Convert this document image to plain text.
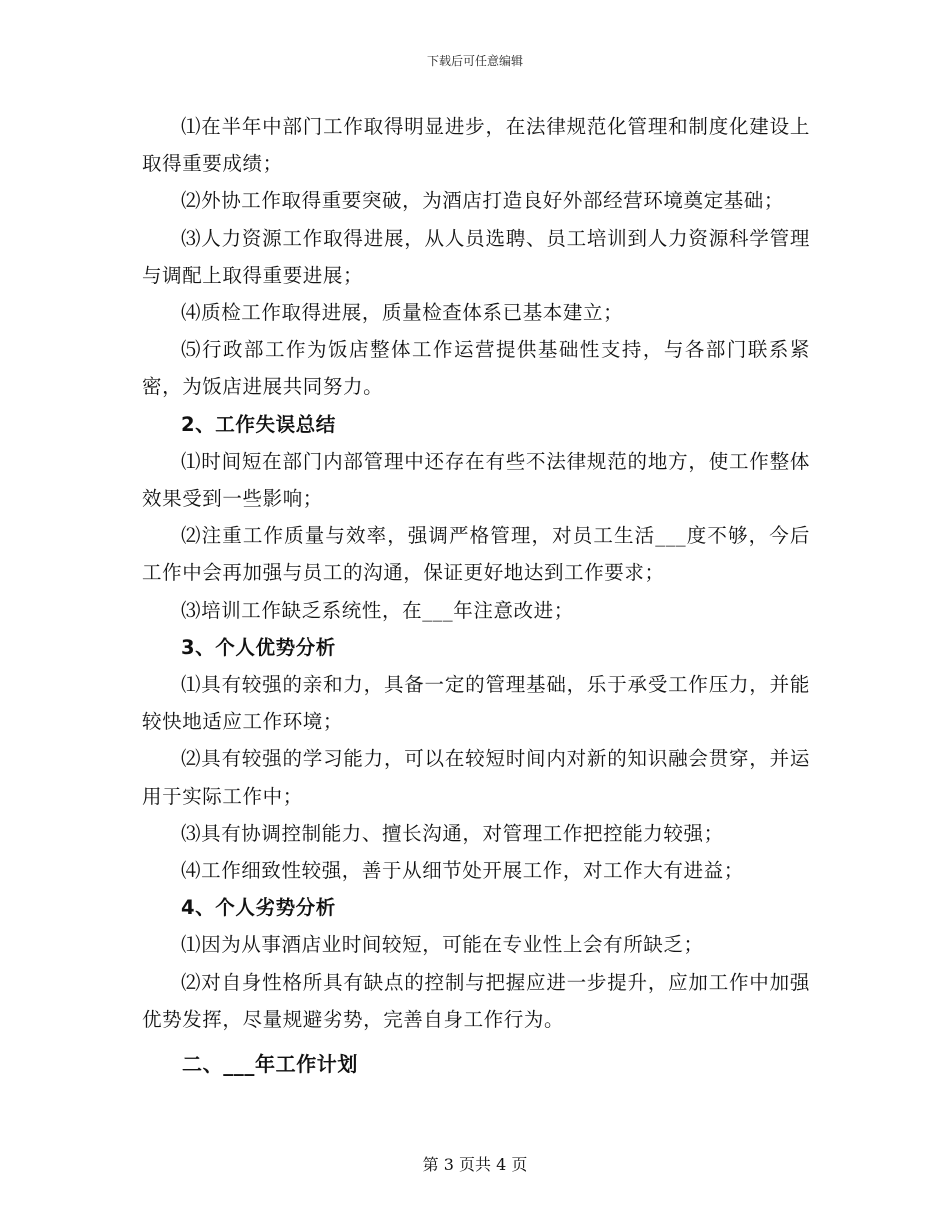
下载后可任意编辑

⑴在半年中部门工作取得明显进步，在法律规范化管理和制度化建设上取得重要成绩；

⑵外协工作取得重要突破，为酒店打造良好外部经营环境奠定基础；

⑶人力资源工作取得进展，从人员选聘、员工培训到人力资源科学管理与调配上取得重要进展；

⑷质检工作取得进展，质量检查体系已基本建立；

⑸行政部工作为饭店整体工作运营提供基础性支持，与各部门联系紧密，为饭店进展共同努力。

2、工作失误总结

⑴时间短在部门内部管理中还存在有些不法律规范的地方，使工作整体效果受到一些影响；

⑵注重工作质量与效率，强调严格管理，对员工生活___度不够，今后工作中会再加强与员工的沟通，保证更好地达到工作要求；

⑶培训工作缺乏系统性，在___年注意改进；

3、个人优势分析

⑴具有较强的亲和力，具备一定的管理基础，乐于承受工作压力，并能较快地适应工作环境；

⑵具有较强的学习能力，可以在较短时间内对新的知识融会贯穿，并运用于实际工作中；

⑶具有协调控制能力、擅长沟通，对管理工作把控能力较强；

⑷工作细致性较强，善于从细节处开展工作，对工作大有进益；

4、个人劣势分析

⑴因为从事酒店业时间较短，可能在专业性上会有所缺乏；

⑵对自身性格所具有缺点的控制与把握应进一步提升，应加工作中加强优势发挥，尽量规避劣势，完善自身工作行为。

二、___年工作计划

第 3 页共 4 页
